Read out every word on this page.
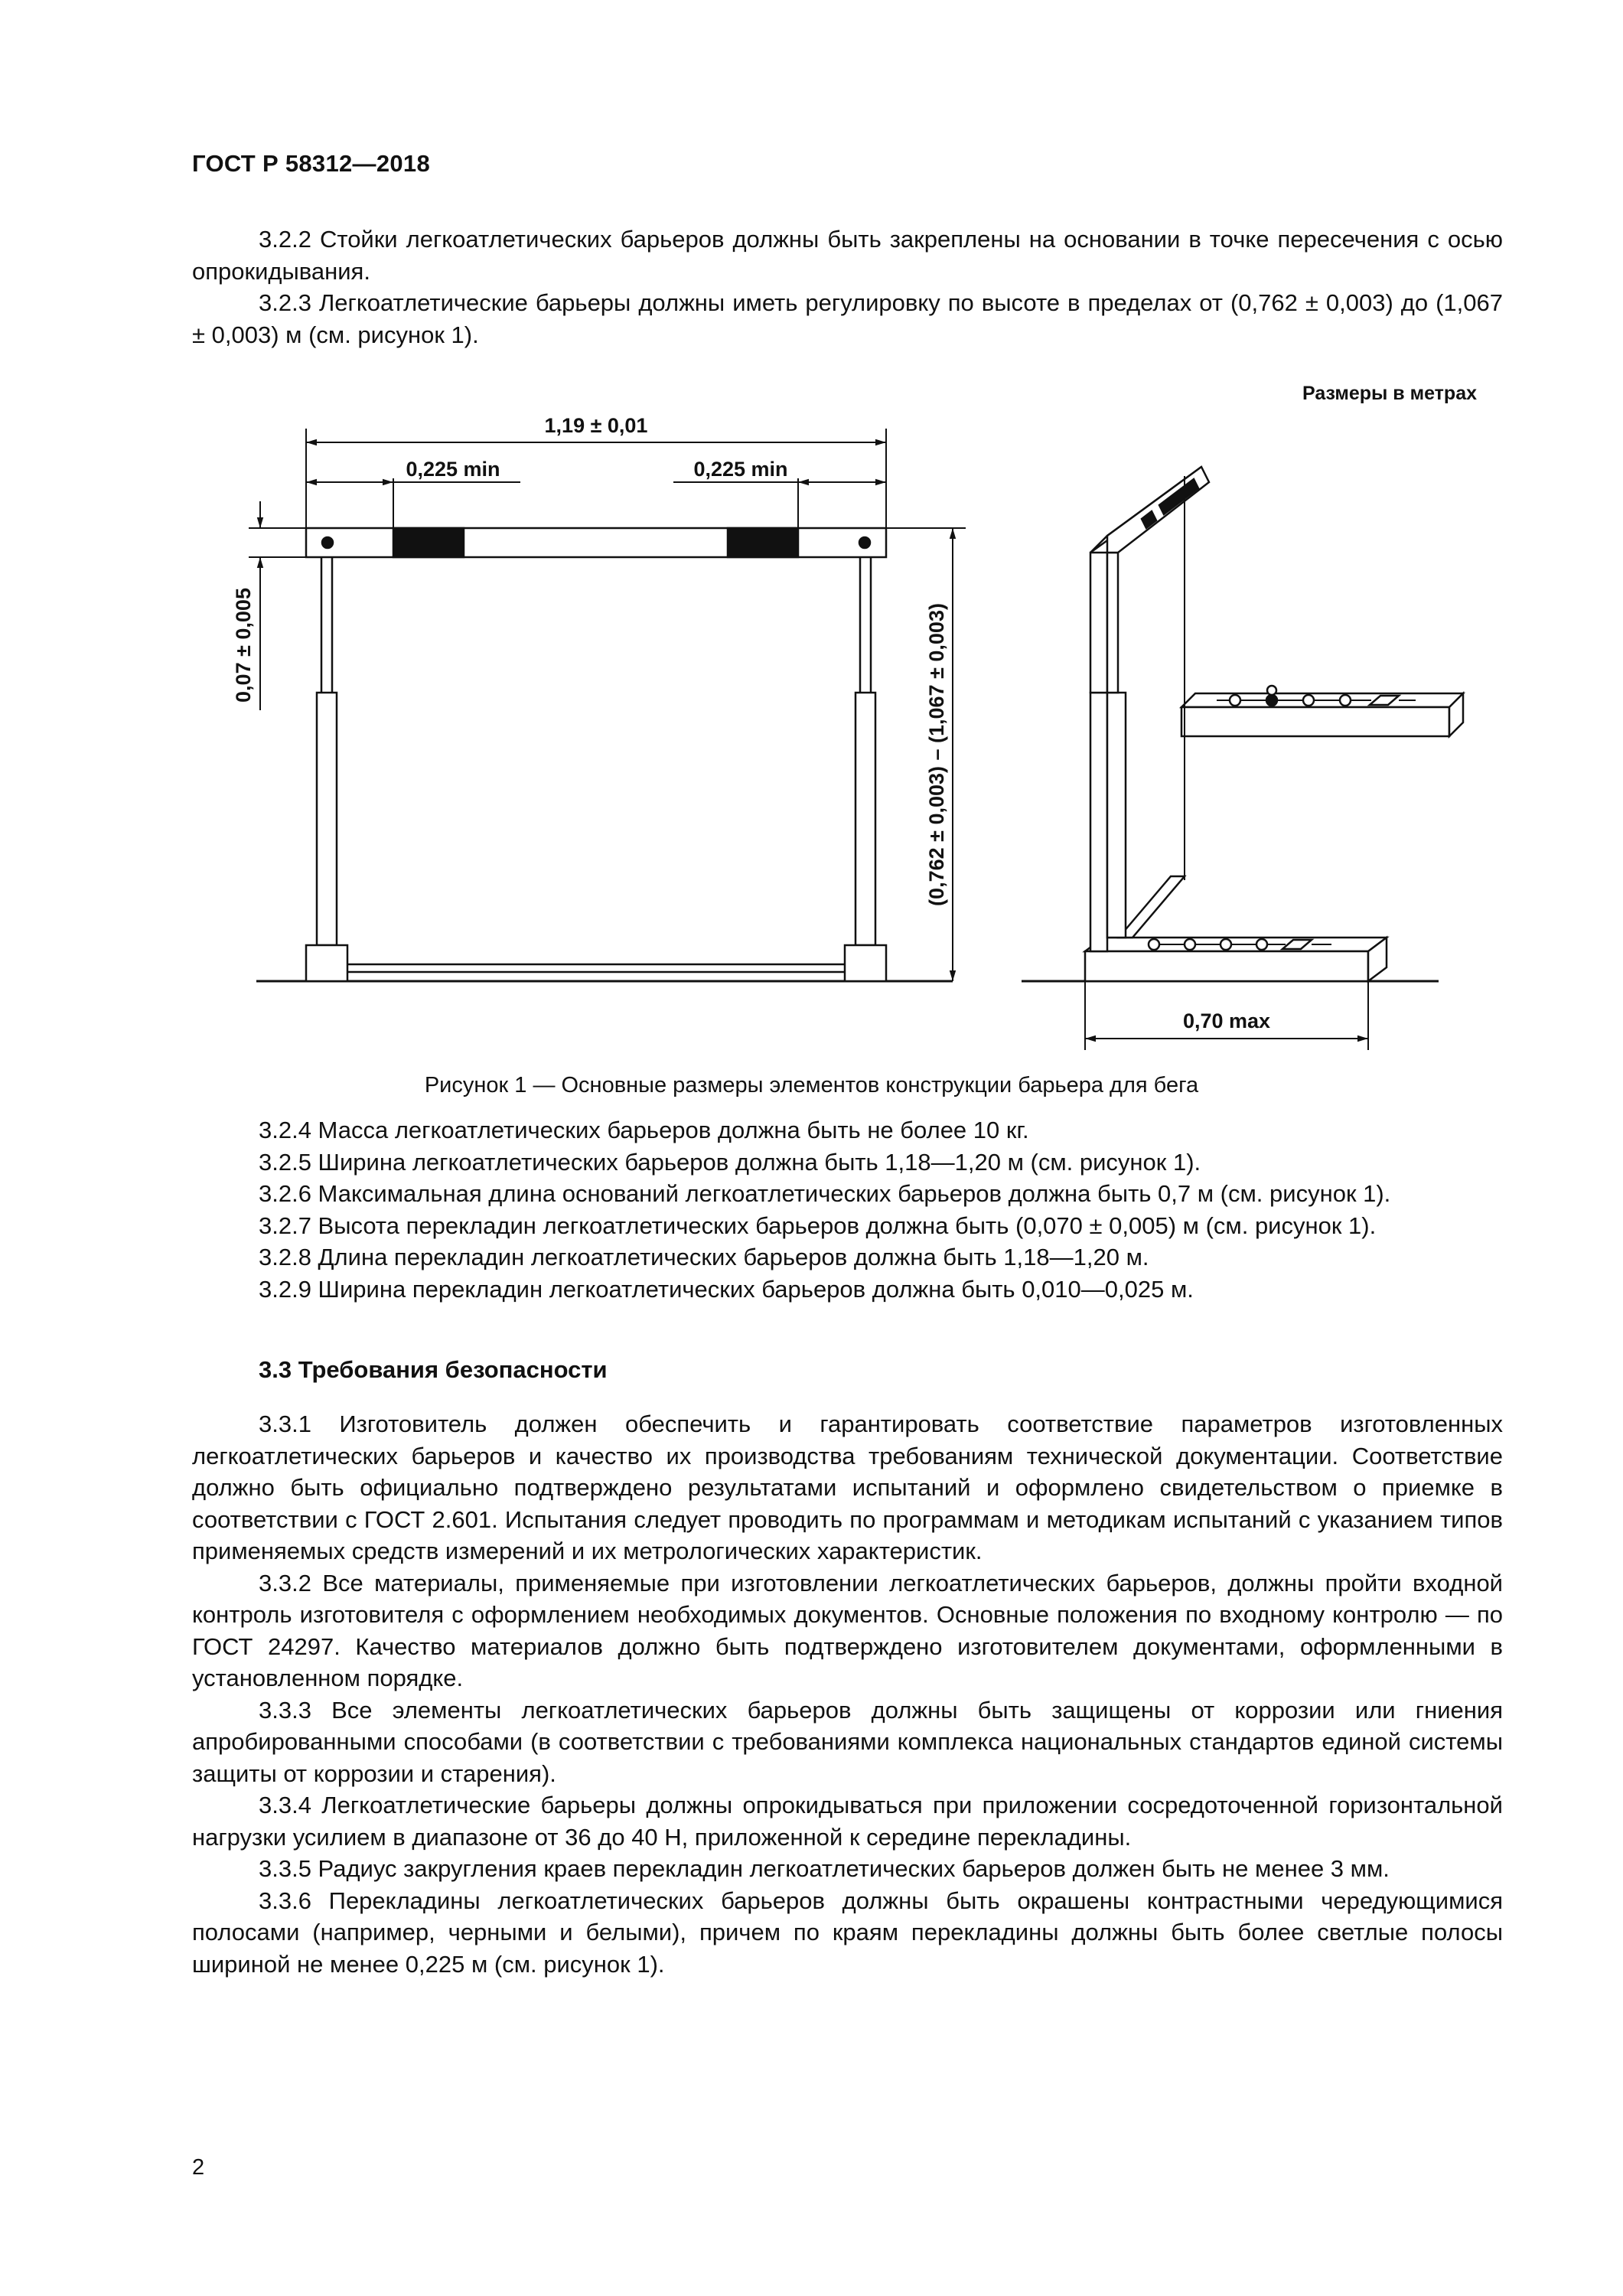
ГОСТ Р 58312—2018

3.2.2 Стойки легкоатлетических барьеров должны быть закреплены на основании в точке пересечения с осью опрокидывания.

3.2.3 Легкоатлетические барьеры должны иметь регулировку по высоте в пределах от (0,762 ± 0,003) до (1,067 ± 0,003) м (см. рисунок 1).

Размеры в метрах
1,19 ± 0,01
0,225 min	0,225 min
0,07 ± 0,005	(0,762 ± 0,003) – (1,067 ± 0,003)
0,70 max
Рисунок 1 — Основные размеры элементов конструкции барьера для бега

3.2.4 Масса легкоатлетических барьеров должна быть не более 10 кг.

3.2.5 Ширина легкоатлетических барьеров должна быть 1,18—1,20 м (см. рисунок 1).

3.2.6 Максимальная длина оснований легкоатлетических барьеров должна быть 0,7 м (см. рисунок 1).

3.2.7 Высота перекладин легкоатлетических барьеров должна быть (0,070 ± 0,005) м (см. рисунок 1).

3.2.8 Длина перекладин легкоатлетических барьеров должна быть 1,18—1,20 м.

3.2.9 Ширина перекладин легкоатлетических барьеров должна быть 0,010—0,025 м.

3.3 Требования безопасности

3.3.1 Изготовитель должен обеспечить и гарантировать соответствие параметров изготовленных легкоатлетических барьеров и качество их производства требованиям технической документации. Соответствие должно быть официально подтверждено результатами испытаний и оформлено свидетельством о приемке в соответствии с ГОСТ 2.601. Испытания следует проводить по программам и методикам испытаний с указанием типов применяемых средств измерений и их метрологических характеристик.

3.3.2 Все материалы, применяемые при изготовлении легкоатлетических барьеров, должны пройти входной контроль изготовителя с оформлением необходимых документов. Основные положения по входному контролю — по ГОСТ 24297. Качество материалов должно быть подтверждено изготовителем документами, оформленными в установленном порядке.

3.3.3 Все элементы легкоатлетических барьеров должны быть защищены от коррозии или гниения апробированными способами (в соответствии с требованиями комплекса национальных стандартов единой системы защиты от коррозии и старения).

3.3.4 Легкоатлетические барьеры должны опрокидываться при приложении сосредоточенной горизонтальной нагрузки усилием в диапазоне от 36 до 40 Н, приложенной к середине перекладины.

3.3.5 Радиус закругления краев перекладин легкоатлетических барьеров должен быть не менее 3 мм.

3.3.6 Перекладины легкоатлетических барьеров должны быть окрашены контрастными чередующимися полосами (например, черными и белыми), причем по краям перекладины должны быть более светлые полосы шириной не менее 0,225 м (см. рисунок 1).

2
